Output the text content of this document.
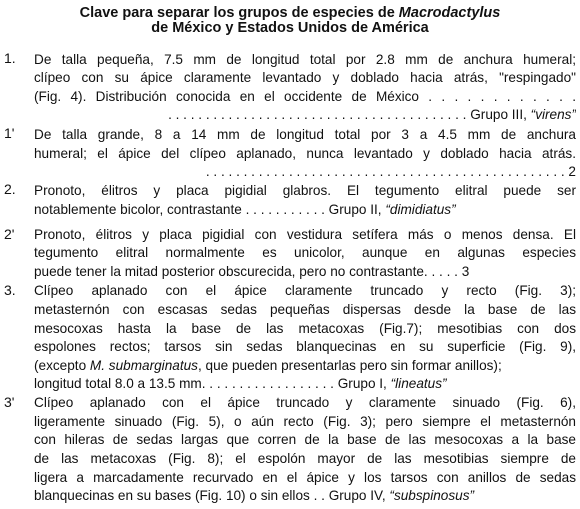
Clave para separar los grupos de especies de Macrodactylus
de México y Estados Unidos de América
1. De talla pequeña, 7.5 mm de longitud total por 2.8 mm de anchura humeral;
clípeo con su ápice claramente levantado y doblado hacia atrás, "respingado"
(Fig. 4). Distribución conocida en el occidente de México . . . . . . . . . . . .
. . . . . . . . . . . . . . . . . . . . . . . . . . . . . . . . . . . . . . . . Grupo III, “virens”
1' De talla grande, 8 a 14 mm de longitud total por 3 a 4.5 mm de anchura
humeral; el ápice del clípeo aplanado, nunca levantado y doblado hacia atrás.
. . . . . . . . . . . . . . . . . . . . . . . . . . . . . . . . . . . . . . . . . . . . . . . . 2
2. Pronoto, élitros y placa pigidial glabros. El tegumento elitral puede ser
notablemente bicolor, contrastante . . . . . . . . . . . Grupo II, “dimidiatus”
2' Pronoto, élitros y placa pigidial con vestidura setífera más o menos densa. El
tegumento elitral normalmente es unicolor, aunque en algunas especies
puede tener la mitad posterior obscurecida, pero no contrastante. . . . . 3
3. Clípeo aplanado con el ápice claramente truncado y recto (Fig. 3);
metasternón con escasas sedas pequeñas dispersas desde la base de las
mesocoxas hasta la base de las metacoxas (Fig.7); mesotibias con dos
espolones rectos; tarsos sin sedas blanquecinas en su superficie (Fig. 9),
(excepto M. submarginatus, que pueden presentarlas pero sin formar anillos);
longitud total 8.0 a 13.5 mm. . . . . . . . . . . . . . . . . . Grupo I, “lineatus”
3' Clípeo aplanado con el ápice truncado y claramente sinuado (Fig. 6),
ligeramente sinuado (Fig. 5), o aún recto (Fig. 3); pero siempre el metasternón
con hileras de sedas largas que corren de la base de las mesocoxas a la base
de las metacoxas (Fig. 8); el espolón mayor de las mesotibias siempre de
ligera a marcadamente recurvado en el ápice y los tarsos con anillos de sedas
blanquecinas en su bases (Fig. 10) o sin ellos . . Grupo IV, “subspinosus”
